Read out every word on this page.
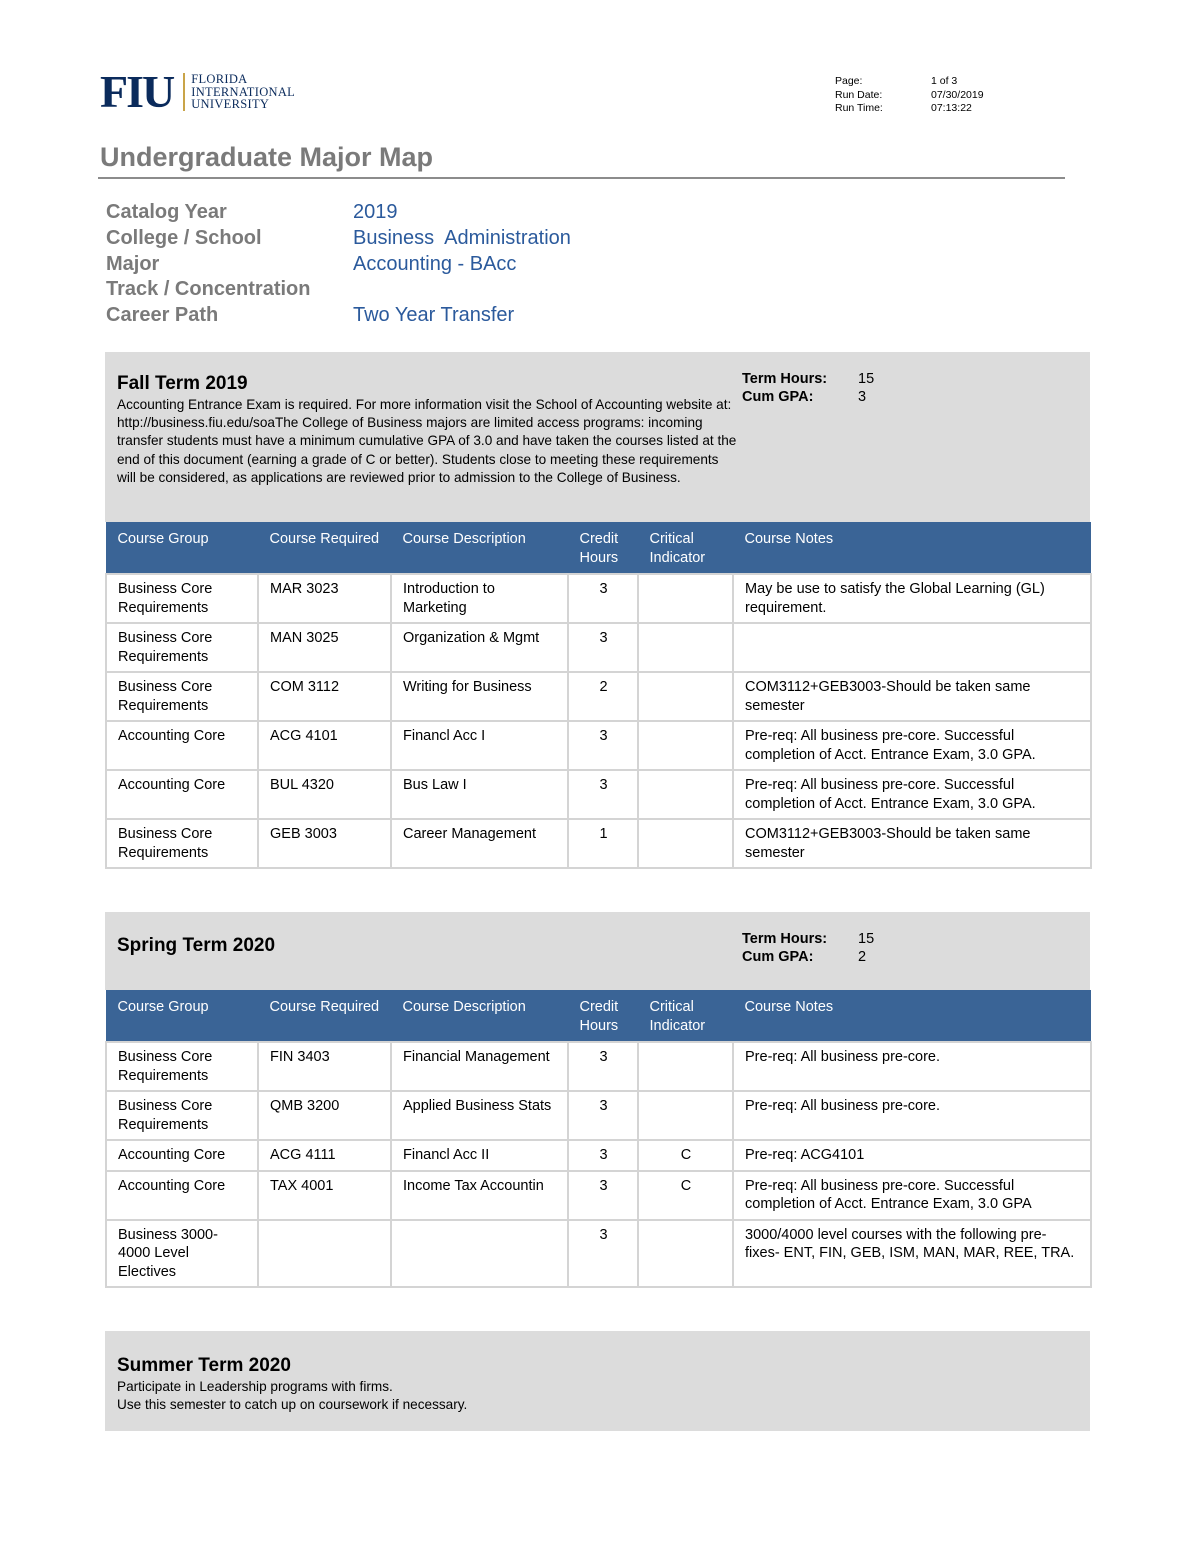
FIU FLORIDA
INTERNATIONAL
UNIVERSITY
Page:	1 of 3
Run Date:	07/30/2019
Run Time:	07:13:22
Undergraduate Major Map
Catalog Year	2019
College / School	Business  Administration
Major	Accounting - BAcc
Track / Concentration
Career Path	Two Year Transfer
Fall Term 2019
Accounting Entrance Exam is required. For more information visit the School of Accounting website at: http://business.fiu.edu/soaThe College of Business majors are limited access programs: incoming transfer students must have a minimum cumulative GPA of 3.0 and have taken the courses listed at the end of this document (earning a grade of C or better). Students close to meeting these requirements will be considered, as applications are reviewed prior to admission to the College of Business.
Term Hours:	15
Cum GPA:	3
Course Group	Course Required	Course Description	Credit Hours	Critical Indicator	Course Notes
Business Core Requirements	MAR 3023	Introduction to Marketing	3		May be use to satisfy the Global Learning (GL) requirement.
Business Core Requirements	MAN 3025	Organization & Mgmt	3		
Business Core Requirements	COM 3112	Writing for Business	2		COM3112+GEB3003-Should be taken same semester
Accounting Core	ACG 4101	Financl Acc I	3		Pre-req: All business pre-core. Successful completion of Acct. Entrance Exam, 3.0 GPA.
Accounting Core	BUL 4320	Bus Law I	3		Pre-req: All business pre-core. Successful completion of Acct. Entrance Exam, 3.0 GPA.
Business Core Requirements	GEB 3003	Career Management	1		COM3112+GEB3003-Should be taken same semester
Spring Term 2020	Term Hours:	15
Cum GPA:	2
Course Group	Course Required	Course Description	Credit Hours	Critical Indicator	Course Notes
Business Core Requirements	FIN 3403	Financial Management	3		Pre-req: All business pre-core.
Business Core Requirements	QMB 3200	Applied Business Stats	3		Pre-req: All business pre-core.
Accounting Core	ACG 4111	Financl Acc II	3	C	Pre-req: ACG4101
Accounting Core	TAX 4001	Income Tax Accountin	3	C	Pre-req: All business pre-core. Successful completion of Acct. Entrance Exam, 3.0 GPA
Business 3000-4000 Level Electives			3		3000/4000 level courses with the following pre-fixes- ENT, FIN, GEB, ISM, MAN, MAR, REE, TRA.
Summer Term 2020
Participate in Leadership programs with firms.
Use this semester to catch up on coursework if necessary.
